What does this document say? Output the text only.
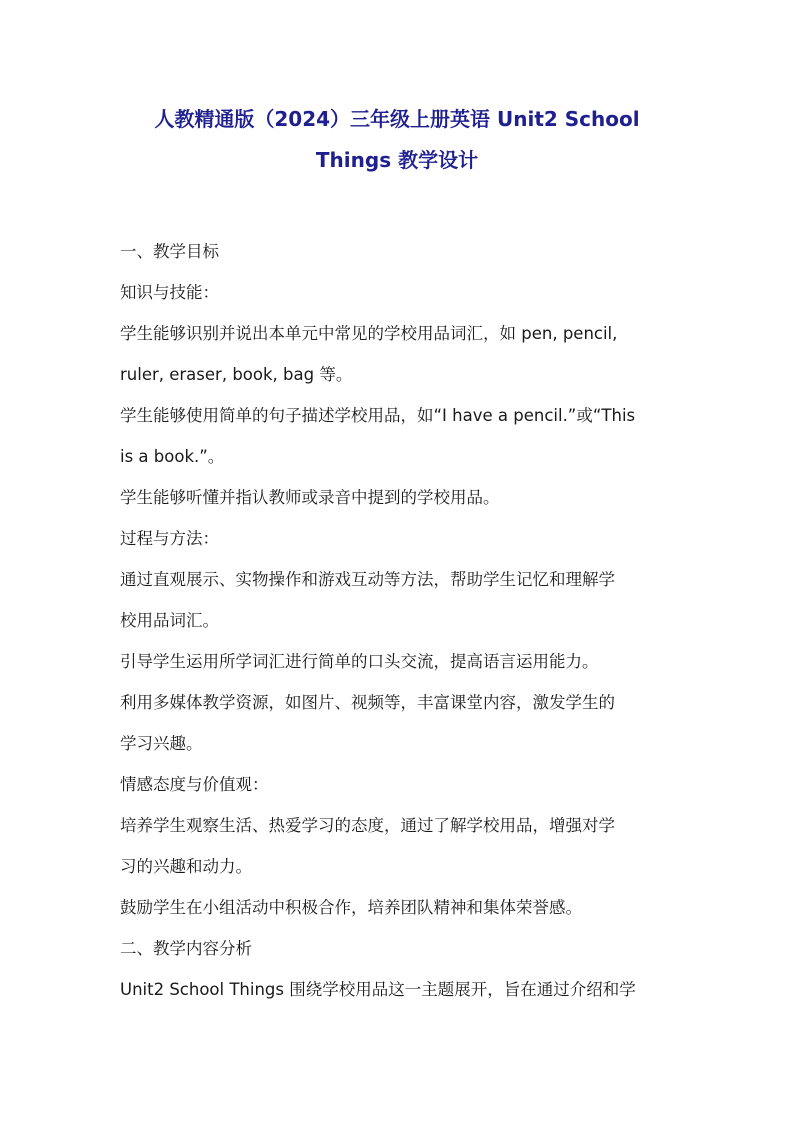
人教精通版（2024）三年级上册英语 Unit2 School
Things 教学设计

一、教学目标

知识与技能：

学生能够识别并说出本单元中常见的学校用品词汇，如 pen, pencil,

ruler, eraser, book, bag 等。

学生能够使用简单的句子描述学校用品，如“I have a pencil.”或“This

is a book.”。

学生能够听懂并指认教师或录音中提到的学校用品。

过程与方法：

通过直观展示、实物操作和游戏互动等方法，帮助学生记忆和理解学

校用品词汇。

引导学生运用所学词汇进行简单的口头交流，提高语言运用能力。

利用多媒体教学资源，如图片、视频等，丰富课堂内容，激发学生的

学习兴趣。

情感态度与价值观：

培养学生观察生活、热爱学习的态度，通过了解学校用品，增强对学

习的兴趣和动力。

鼓励学生在小组活动中积极合作，培养团队精神和集体荣誉感。

二、教学内容分析

Unit2 School Things 围绕学校用品这一主题展开，旨在通过介绍和学
